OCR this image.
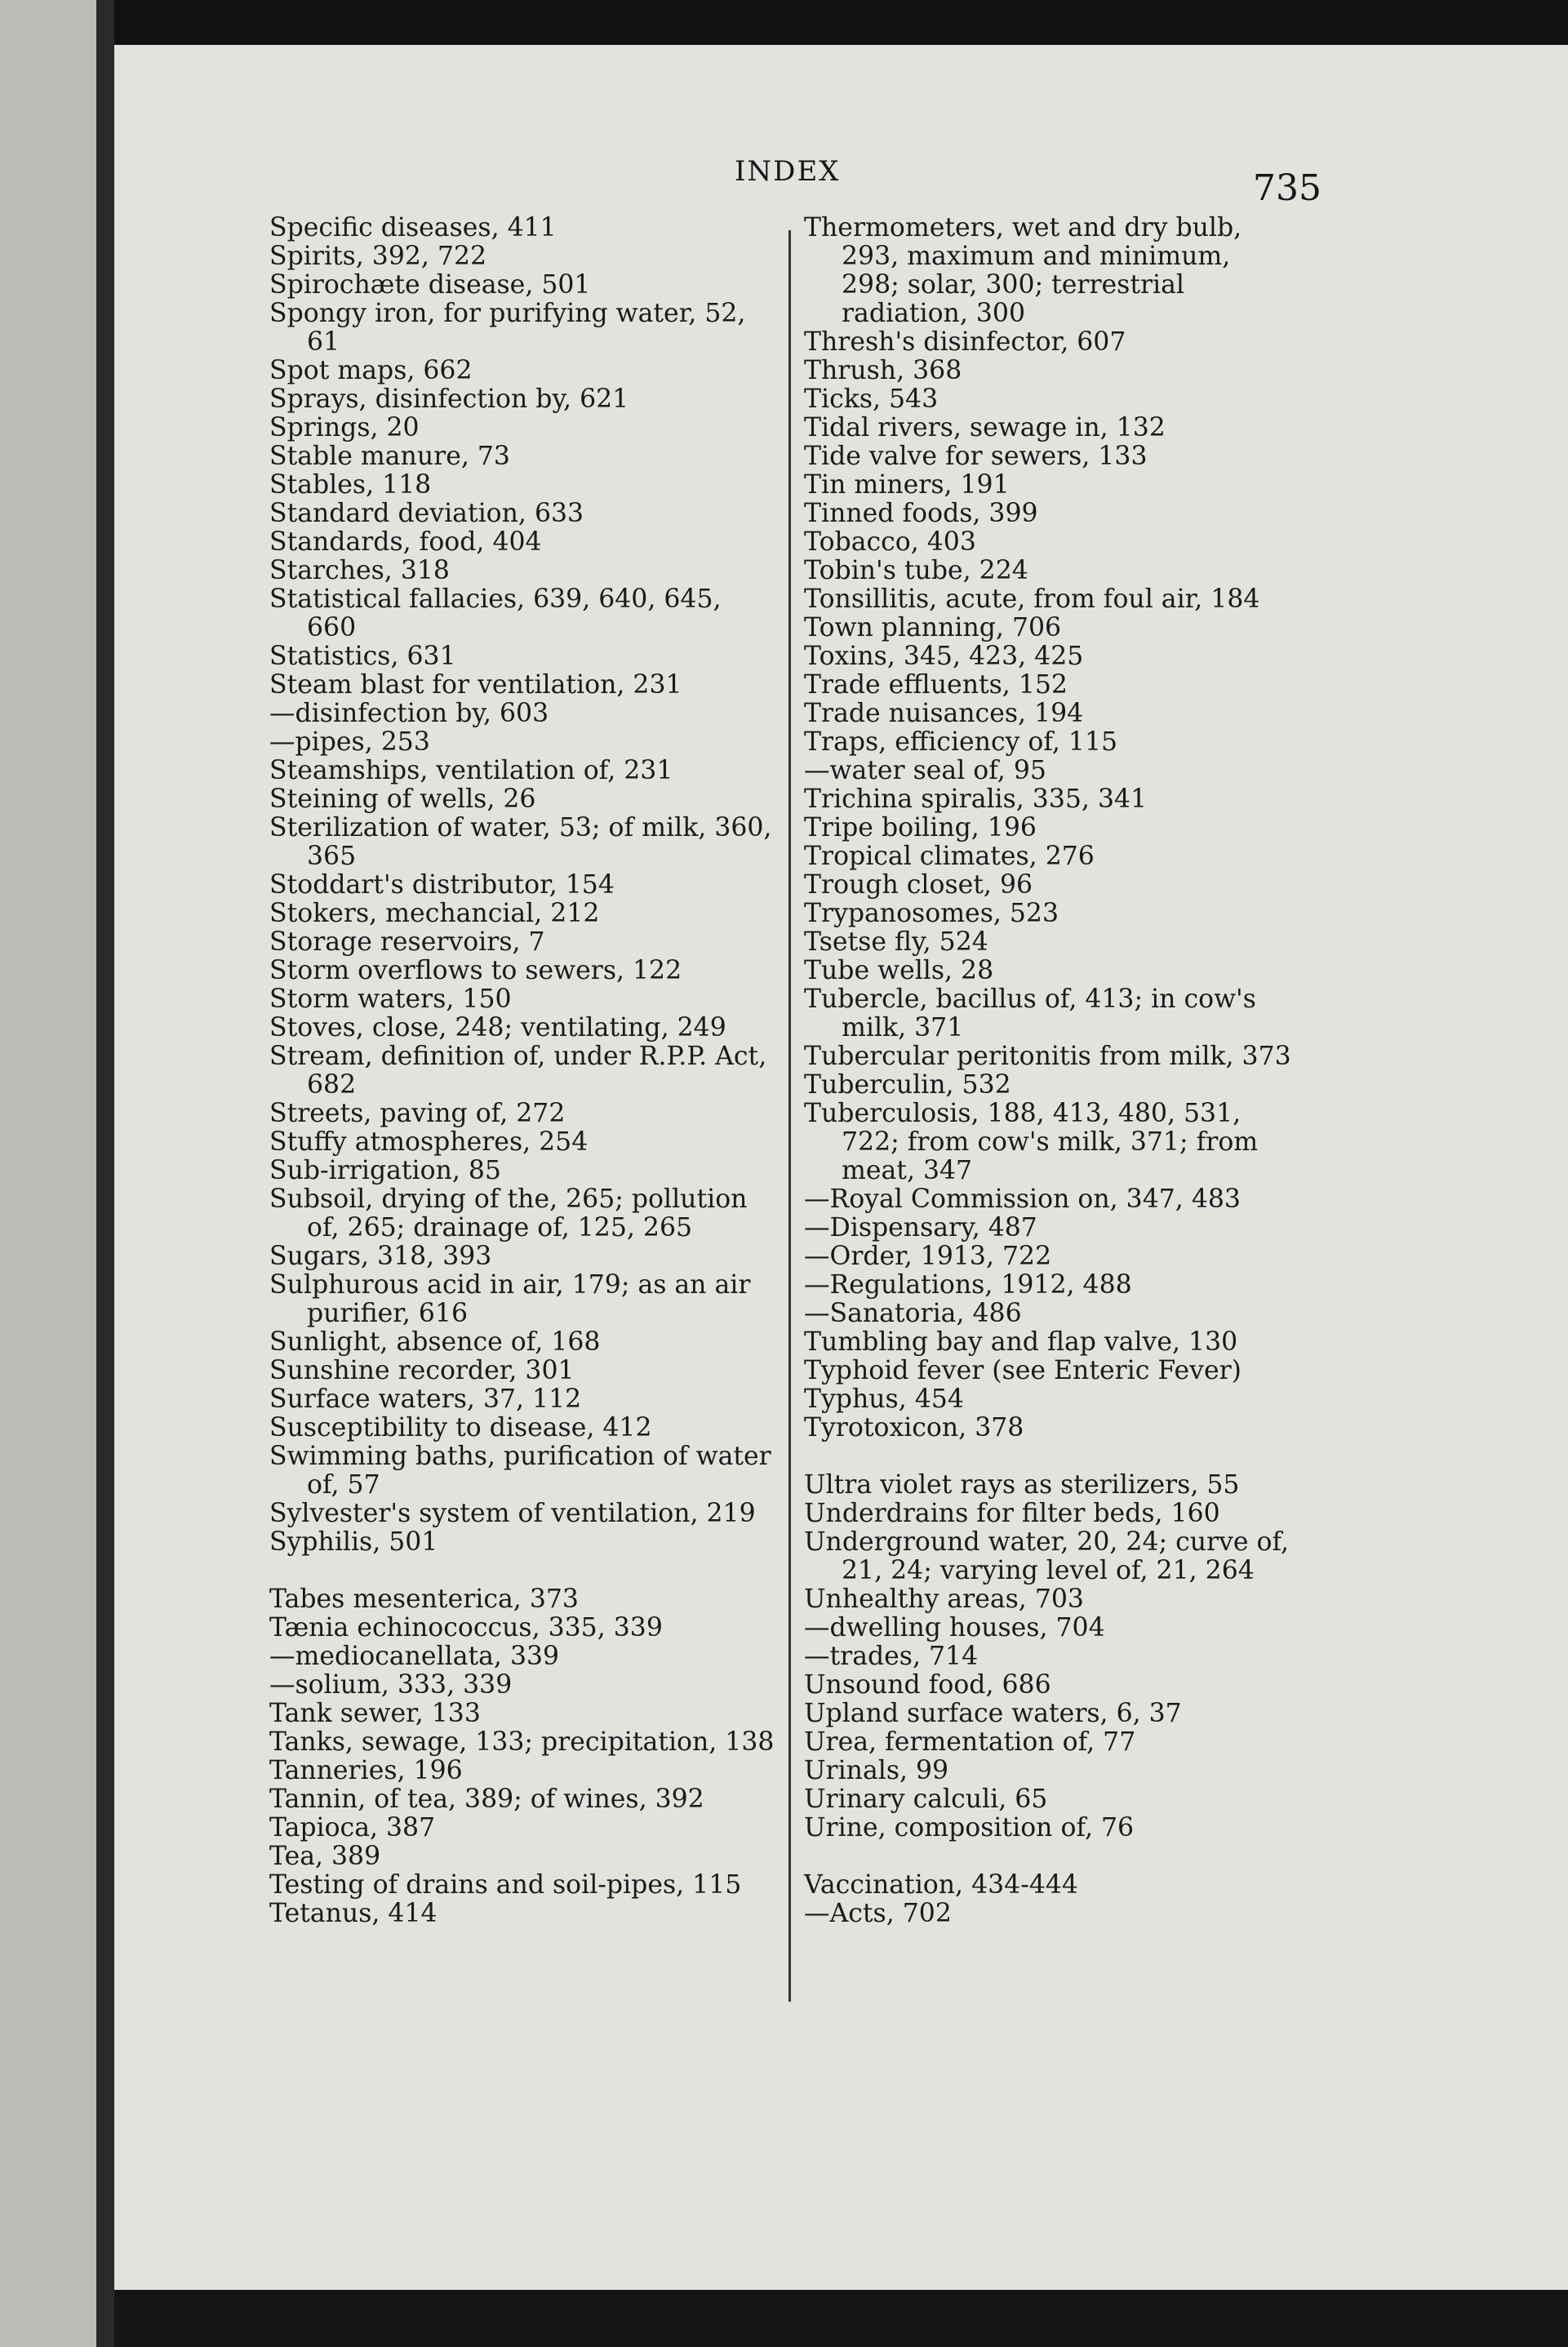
INDEX	735

Specific diseases, 411

Spirits, 392, 722

Spirochæte disease, 501

Spongy iron, for purifying water, 52, 61

Spot maps, 662

Sprays, disinfection by, 621

Springs, 20

Stable manure, 73

Stables, 118

Standard deviation, 633

Standards, food, 404

Starches, 318

Statistical fallacies, 639, 640, 645, 660

Statistics, 631

Steam blast for ventilation, 231

—disinfection by, 603

—pipes, 253

Steamships, ventilation of, 231

Steining of wells, 26

Sterilization of water, 53; of milk, 360, 365

Stoddart's distributor, 154

Stokers, mechancial, 212

Storage reservoirs, 7

Storm overflows to sewers, 122

Storm waters, 150

Stoves, close, 248; ventilating, 249

Stream, definition of, under R.P.P. Act, 682

Streets, paving of, 272

Stuffy atmospheres, 254

Sub-irrigation, 85

Subsoil, drying of the, 265; pollution of, 265; drainage of, 125, 265

Sugars, 318, 393

Sulphurous acid in air, 179; as an air purifier, 616

Sunlight, absence of, 168

Sunshine recorder, 301

Surface waters, 37, 112

Susceptibility to disease, 412

Swimming baths, purification of water of, 57

Sylvester's system of ventilation, 219

Syphilis, 501

Tabes mesenterica, 373

Tænia echinococcus, 335, 339

—mediocanellata, 339

—solium, 333, 339

Tank sewer, 133

Tanks, sewage, 133; precipitation, 138

Tanneries, 196

Tannin, of tea, 389; of wines, 392

Tapioca, 387

Tea, 389

Testing of drains and soil-pipes, 115

Tetanus, 414

Thermometers, wet and dry bulb, 293, maximum and minimum, 298; solar, 300; terrestrial radiation, 300

Thresh's disinfector, 607

Thrush, 368

Ticks, 543

Tidal rivers, sewage in, 132

Tide valve for sewers, 133

Tin miners, 191

Tinned foods, 399

Tobacco, 403

Tobin's tube, 224

Tonsillitis, acute, from foul air, 184

Town planning, 706

Toxins, 345, 423, 425

Trade effluents, 152

Trade nuisances, 194

Traps, efficiency of, 115

—water seal of, 95

Trichina spiralis, 335, 341

Tripe boiling, 196

Tropical climates, 276

Trough closet, 96

Trypanosomes, 523

Tsetse fly, 524

Tube wells, 28

Tubercle, bacillus of, 413; in cow's milk, 371

Tubercular peritonitis from milk, 373

Tuberculin, 532

Tuberculosis, 188, 413, 480, 531, 722; from cow's milk, 371; from meat, 347

—Royal Commission on, 347, 483

—Dispensary, 487

—Order, 1913, 722

—Regulations, 1912, 488

—Sanatoria, 486

Tumbling bay and flap valve, 130

Typhoid fever (see Enteric Fever)

Typhus, 454

Tyrotoxicon, 378

Ultra violet rays as sterilizers, 55

Underdrains for filter beds, 160

Underground water, 20, 24; curve of, 21, 24; varying level of, 21, 264

Unhealthy areas, 703

—dwelling houses, 704

—trades, 714

Unsound food, 686

Upland surface waters, 6, 37

Urea, fermentation of, 77

Urinals, 99

Urinary calculi, 65

Urine, composition of, 76

Vaccination, 434-444

—Acts, 702
